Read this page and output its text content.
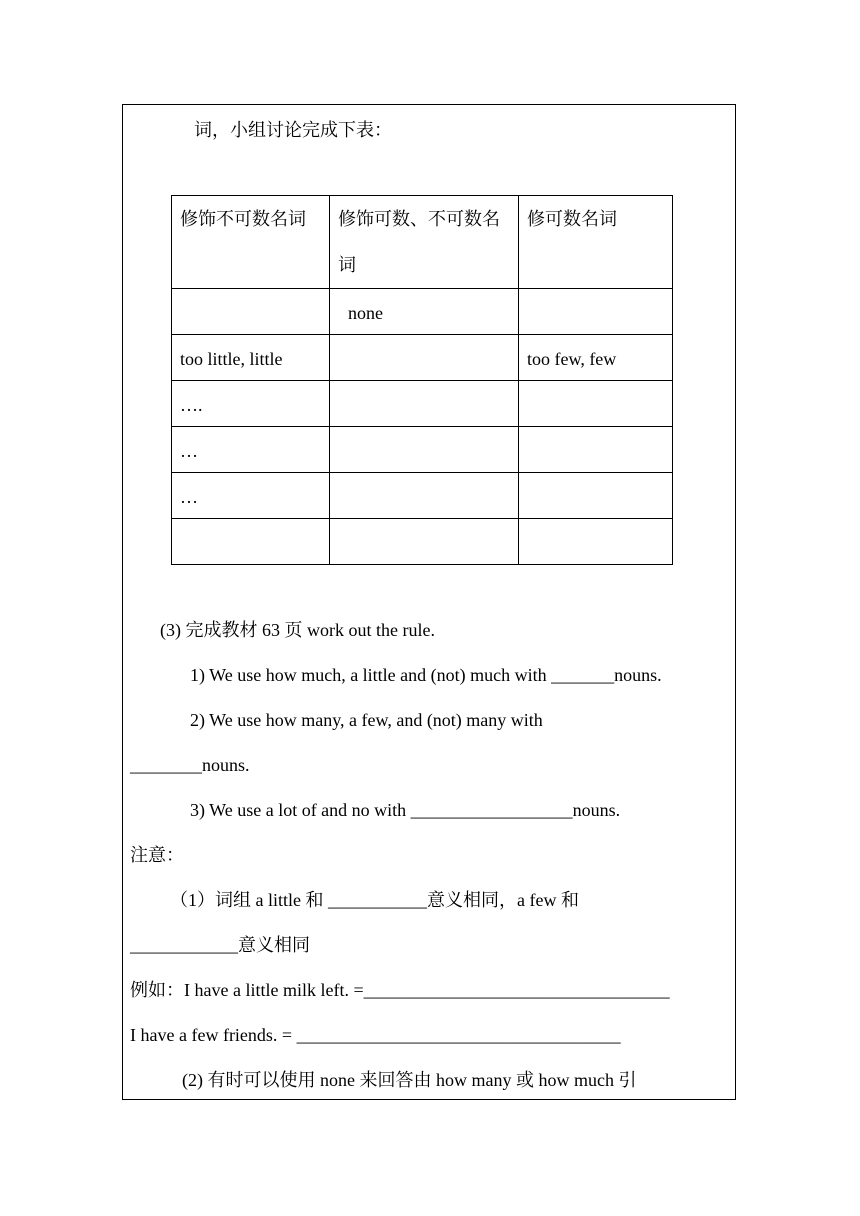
词，小组讨论完成下表：
修饰不可数名词	修饰可数、不可数名词	修可数名词

	none	

too little, little		too few, few

….		

…		

…		

(3) 完成教材 63 页 work out the rule.
1) We use how much, a little and (not) much with _______nouns.
2) We use how many, a few, and (not) many with
________nouns.
3) We use a lot of and no with __________________nouns.
注意：
（1）词组 a little 和 ___________意义相同，a few 和
____________意义相同
例如：I have a little milk left. =__________________________________
I have a few friends. = ____________________________________
(2) 有时可以使用 none 来回答由 how many 或 how much 引
